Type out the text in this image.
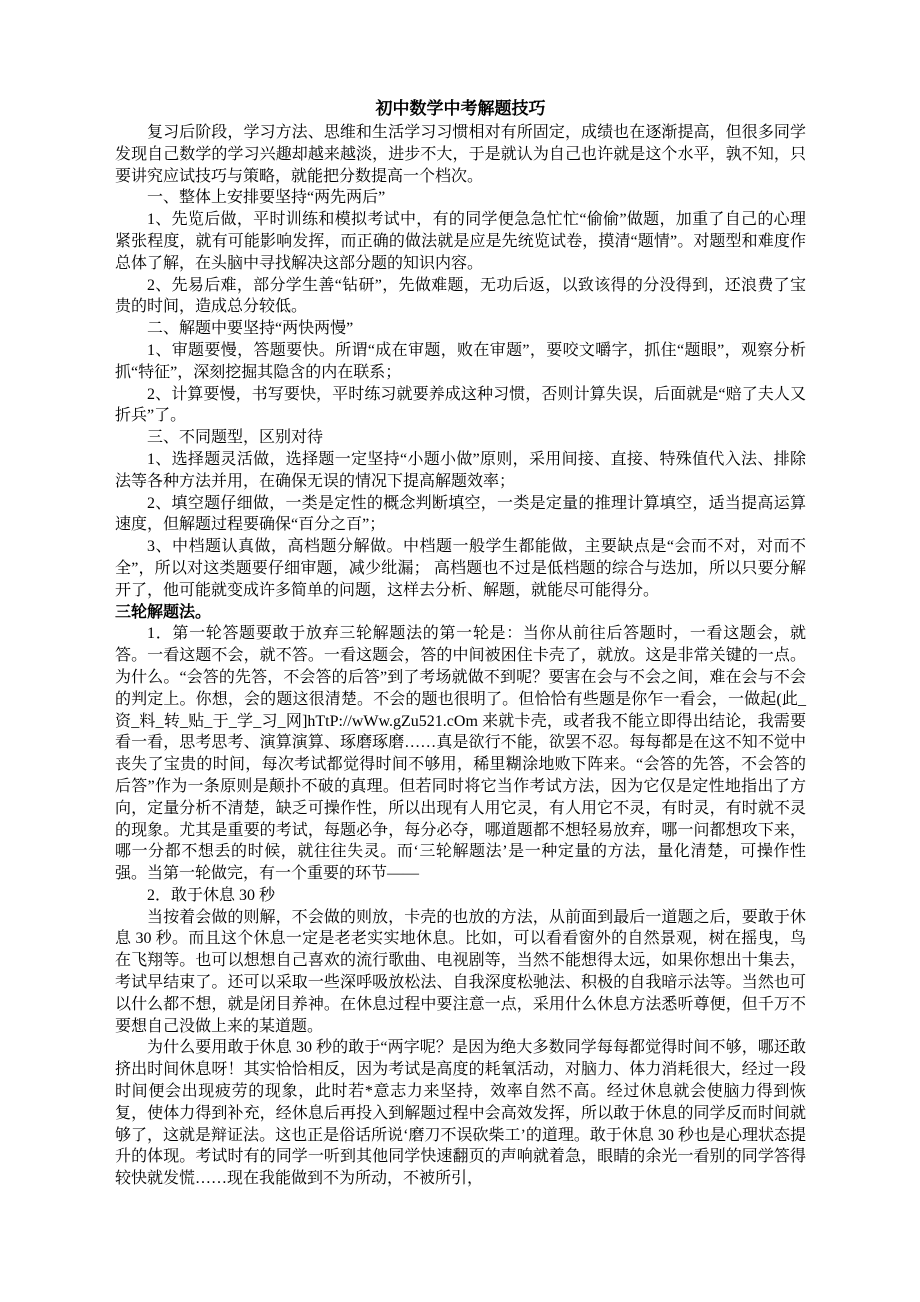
初中数学中考解题技巧

复习后阶段，学习方法、思维和生活学习习惯相对有所固定，成绩也在逐渐提高，但很多同学发现自己数学的学习兴趣却越来越淡，进步不大，于是就认为自己也许就是这个水平，孰不知，只要讲究应试技巧与策略，就能把分数提高一个档次。

一、整体上安排要坚持“两先两后”

1、先览后做，平时训练和模拟考试中，有的同学便急急忙忙“偷偷”做题，加重了自己的心理紧张程度，就有可能影响发挥，而正确的做法就是应是先统览试卷，摸清“题情”。对题型和难度作总体了解，在头脑中寻找解决这部分题的知识内容。

2、先易后难，部分学生善“钻研”，先做难题，无功后返，以致该得的分没得到，还浪费了宝贵的时间，造成总分较低。

二、解题中要坚持“两快两慢”

1、审题要慢，答题要快。所谓“成在审题，败在审题”，要咬文嚼字，抓住“题眼”，观察分析抓“特征”，深刻挖掘其隐含的内在联系；

2、计算要慢，书写要快，平时练习就要养成这种习惯，否则计算失误，后面就是“赔了夫人又折兵”了。

三、不同题型，区别对待

1、选择题灵活做，选择题一定坚持“小题小做”原则，采用间接、直接、特殊值代入法、排除法等各种方法并用，在确保无误的情况下提高解题效率；

2、填空题仔细做，一类是定性的概念判断填空，一类是定量的推理计算填空，适当提高运算速度，但解题过程要确保“百分之百”；

3、中档题认真做，高档题分解做。中档题一般学生都能做，主要缺点是“会而不对，对而不全”，所以对这类题要仔细审题，减少纰漏； 高档题也不过是低档题的综合与迭加，所以只要分解开了，他可能就变成许多简单的问题，这样去分析、解题，就能尽可能得分。

三轮解题法。

1．第一轮答题要敢于放弃三轮解题法的第一轮是：当你从前往后答题时，一看这题会，就答。一看这题不会，就不答。一看这题会，答的中间被困住卡壳了，就放。这是非常关键的一点。为什么。“会答的先答，不会答的后答”到了考场就做不到呢？要害在会与不会之间，难在会与不会的判定上。你想，会的题这很清楚。不会的题也很明了。但恰恰有些题是你乍一看会，一做起(此_资_料_转_贴_于_学_习_网]hTtP://wWw.gZu521.cOm 来就卡壳，或者我不能立即得出结论，我需要看一看，思考思考、演算演算、琢磨琢磨……真是欲行不能，欲罢不忍。每每都是在这不知不觉中丧失了宝贵的时间，每次考试都觉得时间不够用，稀里糊涂地败下阵来。“会答的先答，不会答的后答”作为一条原则是颠扑不破的真理。但若同时将它当作考试方法，因为它仅是定性地指出了方向，定量分析不清楚，缺乏可操作性，所以出现有人用它灵，有人用它不灵，有时灵，有时就不灵的现象。尤其是重要的考试，每题必争，每分必夺，哪道题都不想轻易放弃，哪一问都想攻下来，哪一分都不想丢的时候，就往往失灵。而‘三轮解题法’是一种定量的方法，量化清楚，可操作性强。当第一轮做完，有一个重要的环节——

2．敢于休息 30 秒

当按着会做的则解，不会做的则放，卡壳的也放的方法，从前面到最后一道题之后，要敢于休息 30 秒。而且这个休息一定是老老实实地休息。比如，可以看看窗外的自然景观，树在摇曳，鸟在飞翔等。也可以想想自己喜欢的流行歌曲、电视剧等，当然不能想得太远，如果你想出十集去，考试早结束了。还可以采取一些深呼吸放松法、自我深度松驰法、积极的自我暗示法等。当然也可以什么都不想，就是闭目养神。在休息过程中要注意一点，采用什么休息方法悉听尊便，但千万不要想自己没做上来的某道题。

为什么要用敢于休息 30 秒的敢于“两字呢？是因为绝大多数同学每每都觉得时间不够，哪还敢挤出时间休息呀！其实恰恰相反，因为考试是高度的耗氧活动，对脑力、体力消耗很大，经过一段时间便会出现疲劳的现象，此时若*意志力来坚持，效率自然不高。经过休息就会使脑力得到恢复，使体力得到补充，经休息后再投入到解题过程中会高效发挥，所以敢于休息的同学反而时间就够了，这就是辩证法。这也正是俗话所说‘磨刀不误砍柴工’的道理。敢于休息 30 秒也是心理状态提升的体现。考试时有的同学一听到其他同学快速翻页的声响就着急，眼睛的余光一看别的同学答得较快就发慌……现在我能做到不为所动，不被所引，
